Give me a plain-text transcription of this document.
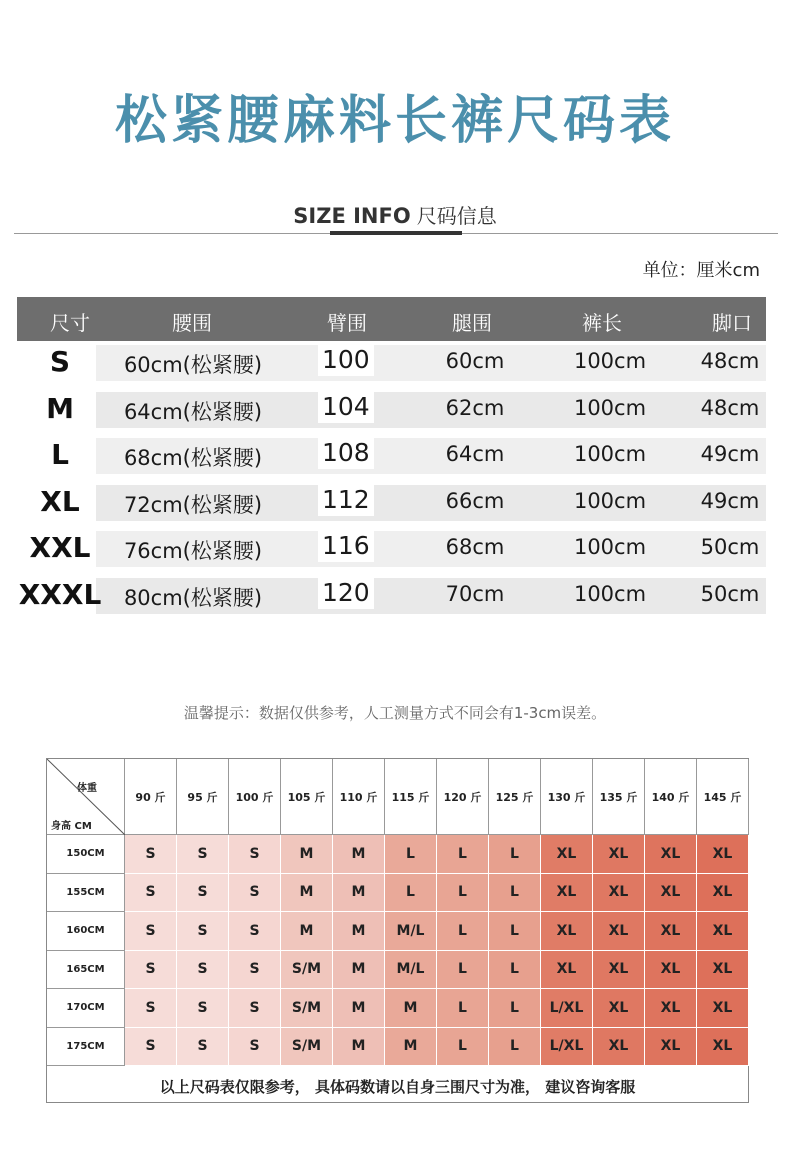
松紧腰麻料长裤尺码表
SIZE INFO 尺码信息
单位：厘米cm
尺寸	腰围	臂围	腿围	裤长	脚口
S	60cm(松紧腰)	100	60cm	100cm	48cm
M	64cm(松紧腰)	104	62cm	100cm	48cm
L	68cm(松紧腰)	108	64cm	100cm	49cm
XL	72cm(松紧腰)	112	66cm	100cm	49cm
XXL	76cm(松紧腰)	116	68cm	100cm	50cm
XXXL	80cm(松紧腰)	120	70cm	100cm	50cm
温馨提示：数据仅供参考，人工测量方式不同会有1-3cm误差。
体重
身高 CM
以上尺码表仅限参考， 具体码数请以自身三围尺寸为准， 建议咨询客服
90 斤	95 斤	100 斤	105 斤	110 斤	115 斤	120 斤	125 斤	130 斤	135 斤	140 斤	145 斤
150CM	S	S	S	M	M	L	L	L	XL	XL	XL	XL
155CM	S	S	S	M	M	L	L	L	XL	XL	XL	XL
160CM	S	S	S	M	M	M/L	L	L	XL	XL	XL	XL
165CM	S	S	S	S/M	M	M/L	L	L	XL	XL	XL	XL
170CM	S	S	S	S/M	M	M	L	L	L/XL	XL	XL	XL
175CM	S	S	S	S/M	M	M	L	L	L/XL	XL	XL	XL
